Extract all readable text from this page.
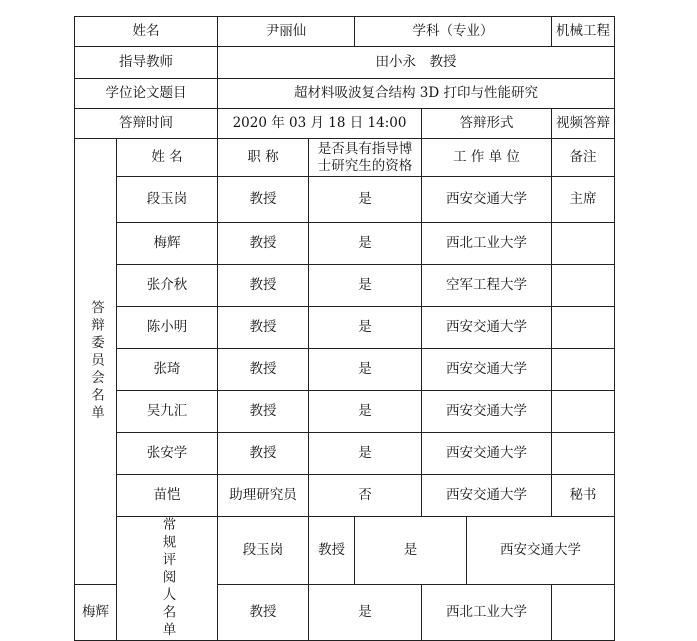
姓名		尹丽仙		学科（专业）			机械工程	
指导教师		田小永　教授						
学位论文题目		超材料吸波复合结构 3D 打印与性能研究						
答辩时间		2020 年 03 月 18 日 14:00			答辩形式		视频答辩	
答辩委员会名单	姓 名	职 称	是否具有指导博士研究生的资格		工 作 单 位		备注	
	段玉岗	教授	是		西安交通大学		主席	
	梅辉	教授	是		西北工业大学			
	张介秋	教授	是		空军工程大学			
	陈小明	教授	是		西安交通大学			
	张琦	教授	是		西安交通大学			
	吴九汇	教授	是		西安交通大学			
	张安学	教授	是		西安交通大学			
	苗恺	助理研究员	否		西安交通大学		秘书	
	常规评阅人名单	段玉岗	教授	是		西安交通大学		
梅辉		教授	是		西北工业大学			
